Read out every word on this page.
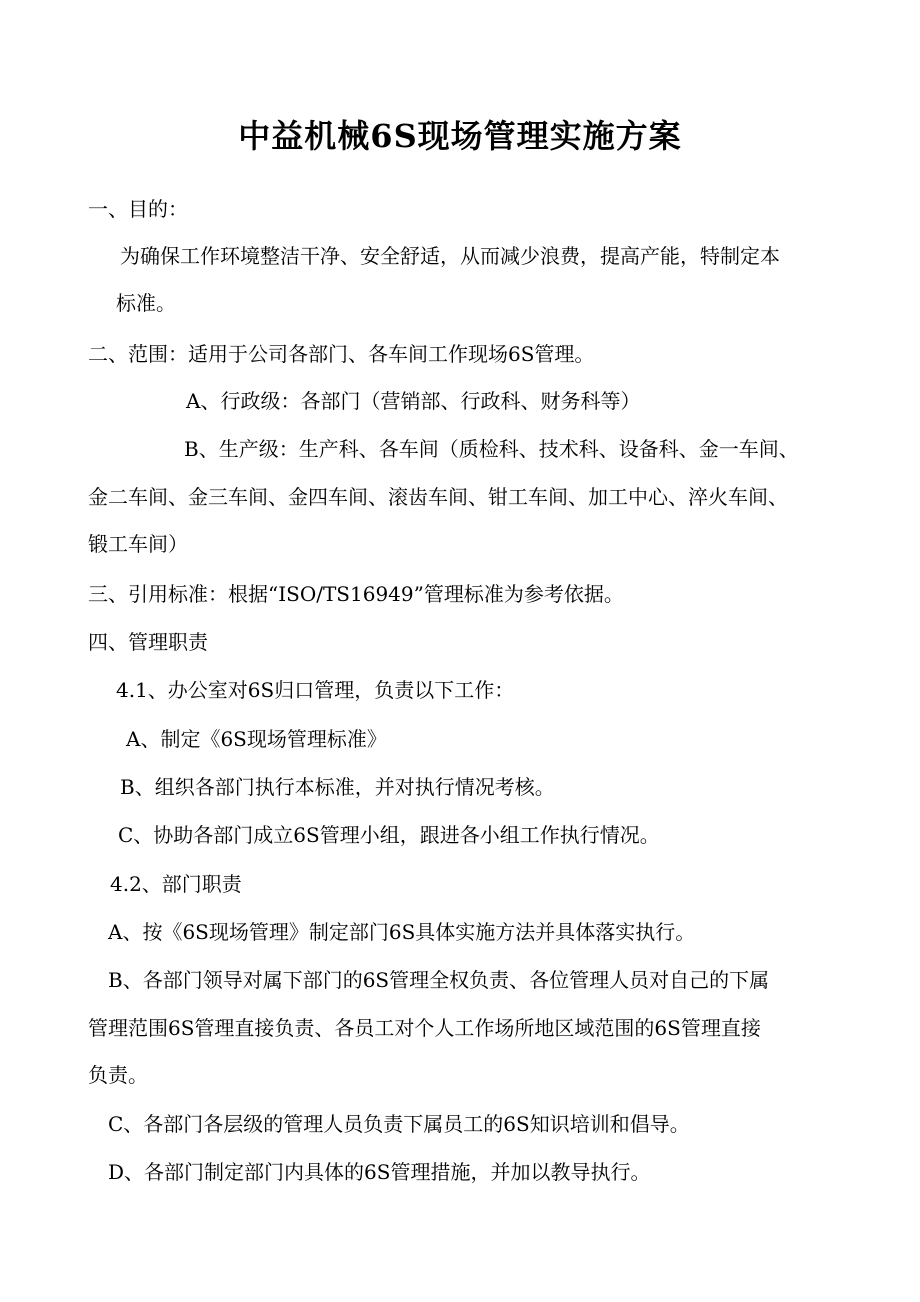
中益机械6S现场管理实施方案
一、目的：
为确保工作环境整洁干净、安全舒适，从而减少浪费，提高产能，特制定本
标准。
二、范围：适用于公司各部门、各车间工作现场6S管理。
A、行政级：各部门（营销部、行政科、财务科等）
B、生产级：生产科、各车间（质检科、技术科、设备科、金一车间、
金二车间、金三车间、金四车间、滚齿车间、钳工车间、加工中心、淬火车间、
锻工车间）
三、引用标准：根据“ISO/TS16949”管理标准为参考依据。
四、管理职责
4.1、办公室对6S归口管理，负责以下工作：
A、制定《6S现场管理标准》
B、组织各部门执行本标准，并对执行情况考核。
C、协助各部门成立6S管理小组，跟进各小组工作执行情况。
4.2、部门职责
A、按《6S现场管理》制定部门6S具体实施方法并具体落实执行。
B、各部门领导对属下部门的6S管理全权负责、各位管理人员对自己的下属
管理范围6S管理直接负责、各员工对个人工作场所地区域范围的6S管理直接
负责。
C、各部门各层级的管理人员负责下属员工的6S知识培训和倡导。
D、各部门制定部门内具体的6S管理措施，并加以教导执行。
